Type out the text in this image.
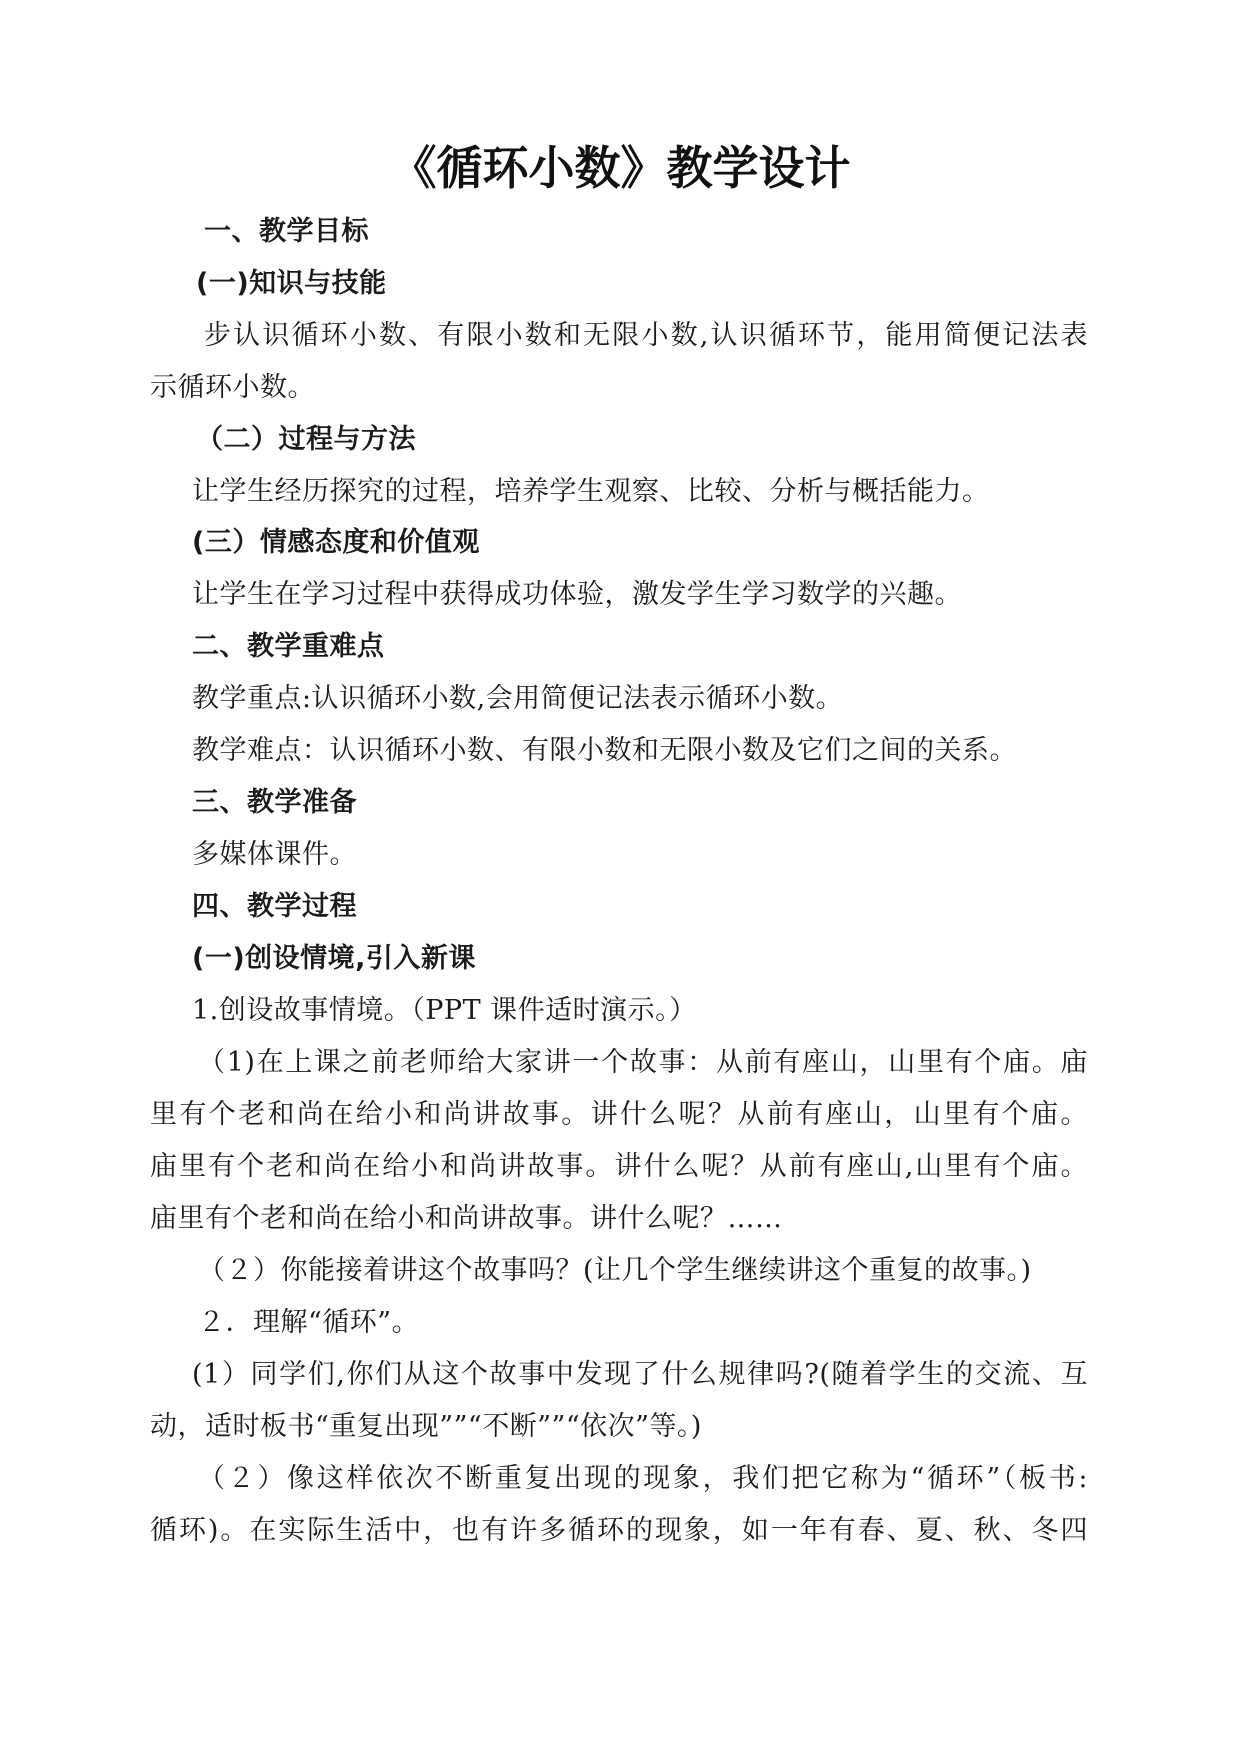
《循环小数》教学设计
一、教学目标
(一)知识与技能
步认识循环小数、有限小数和无限小数,认识循环节，能用简便记法表
示循环小数。
（二）过程与方法
让学生经历探究的过程，培养学生观察、比较、分析与概括能力。
(三）情感态度和价值观
让学生在学习过程中获得成功体验，激发学生学习数学的兴趣。
二、教学重难点
教学重点:认识循环小数,会用简便记法表示循环小数。
教学难点：认识循环小数、有限小数和无限小数及它们之间的关系。
三、教学准备
多媒体课件。
四、教学过程
(一)创设情境,引入新课
1.创设故事情境。（PPT 课件适时演示。）
（1)在上课之前老师给大家讲一个故事：从前有座山，山里有个庙。庙
里有个老和尚在给小和尚讲故事。讲什么呢？从前有座山，山里有个庙。
庙里有个老和尚在给小和尚讲故事。讲什么呢？从前有座山,山里有个庙。
庙里有个老和尚在给小和尚讲故事。讲什么呢？……
（２）你能接着讲这个故事吗？(让几个学生继续讲这个重复的故事。)
２．理解“循环”。
(1）同学们,你们从这个故事中发现了什么规律吗?(随着学生的交流、互
动，适时板书“重复出现””“不断””“依次”等。)
（２）像这样依次不断重复出现的现象，我们把它称为“循环”（板书:
循环)。在实际生活中，也有许多循环的现象，如一年有春、夏、秋、冬四
